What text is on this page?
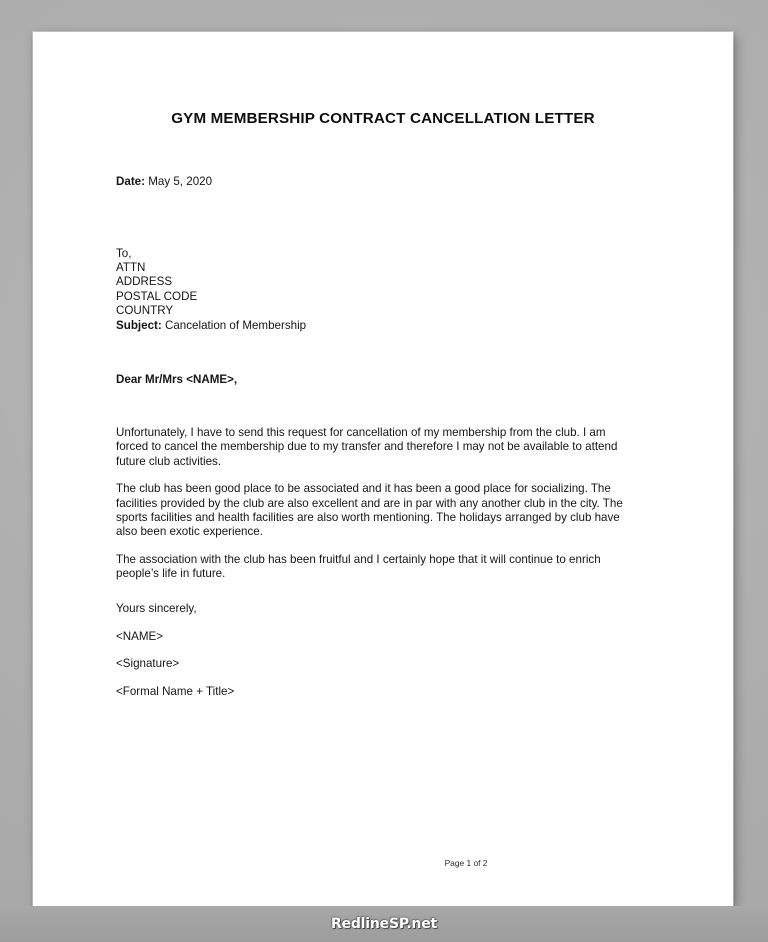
GYM MEMBERSHIP CONTRACT CANCELLATION LETTER
Date: May 5, 2020
To,
ATTN
ADDRESS
POSTAL CODE
COUNTRY
Subject: Cancelation of Membership
Dear Mr/Mrs <NAME>,

Unfortunately, I have to send this request for cancellation of my membership from the club. I am forced to cancel the membership due to my transfer and therefore I may not be available to attend future club activities.

The club has been good place to be associated and it has been a good place for socializing. The facilities provided by the club are also excellent and are in par with any another club in the city. The sports facilities and health facilities are also worth mentioning. The holidays arranged by club have also been exotic experience.

The association with the club has been fruitful and I certainly hope that it will continue to enrich people’s life in future.

Yours sincerely,
<NAME>
<Signature>
<Formal Name + Title>
Page 1 of 2
RedlineSP.net
